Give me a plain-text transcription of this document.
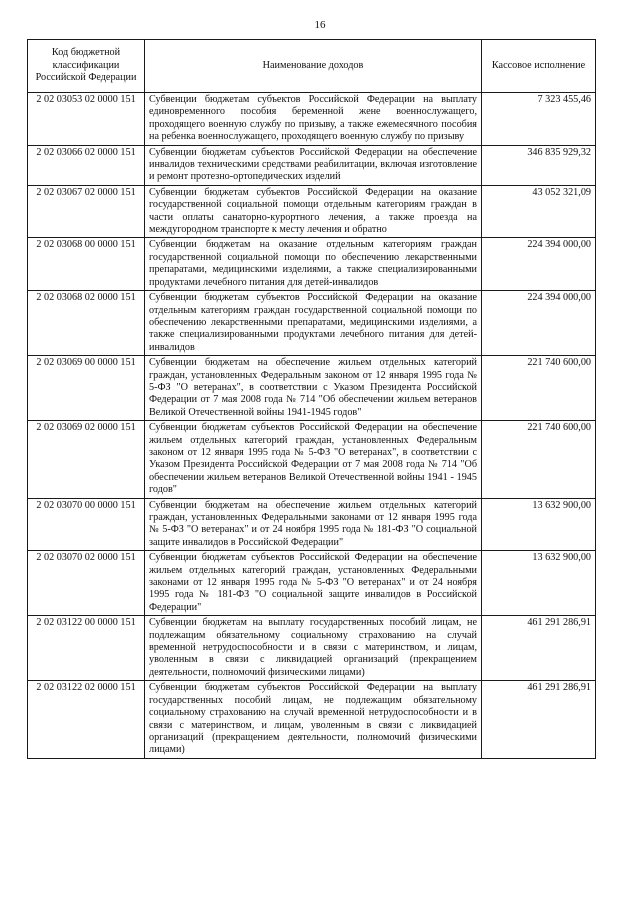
16
Код бюджетной классификации Российской Федерации	Наименование доходов	Кассовое исполнение
2 02 03053 02 0000 151	Субвенции бюджетам субъектов Российской Федерации на выплату единовременного пособия беременной жене военнослужащего, проходящего военную службу по призыву, а также ежемесячного пособия на ребенка военнослужащего, проходящего военную службу по призыву	7 323 455,46
2 02 03066 02 0000 151	Субвенции бюджетам субъектов Российской Федерации на обеспечение инвалидов техническими средствами реабилитации, включая изготовление и ремонт протезно-ортопедических изделий	346 835 929,32
2 02 03067 02 0000 151	Субвенции бюджетам субъектов Российской Федерации на оказание государственной социальной помощи отдельным категориям граждан в части оплаты санаторно-курортного лечения, а также проезда на междугородном транспорте к месту лечения и обратно	43 052 321,09
2 02 03068 00 0000 151	Субвенции бюджетам на оказание отдельным категориям граждан государственной социальной помощи по обеспечению лекарственными препаратами, медицинскими изделиями, а также специализированными продуктами лечебного питания для детей-инвалидов	224 394 000,00
2 02 03068 02 0000 151	Субвенции бюджетам субъектов Российской Федерации на оказание отдельным категориям граждан государственной социальной помощи по обеспечению лекарственными препаратами, медицинскими изделиями, а также специализированными продуктами лечебного питания для детей-инвалидов	224 394 000,00
2 02 03069 00 0000 151	Субвенции бюджетам на обеспечение жильем отдельных категорий граждан, установленных Федеральным законом от 12 января 1995 года № 5-ФЗ "О ветеранах", в соответствии с Указом Президента Российской Федерации от 7 мая 2008 года № 714 "Об обеспечении жильем ветеранов Великой Отечественной войны 1941-1945 годов"	221 740 600,00
2 02 03069 02 0000 151	Субвенции бюджетам субъектов Российской Федерации на обеспечение жильем отдельных категорий граждан, установленных Федеральным законом от 12 января 1995 года № 5-ФЗ "О ветеранах", в соответствии с Указом Президента Российской Федерации от 7 мая 2008 года № 714 "Об обеспечении жильем ветеранов Великой Отечественной войны 1941 - 1945 годов"	221 740 600,00
2 02 03070 00 0000 151	Субвенции бюджетам на обеспечение жильем отдельных категорий граждан, установленных Федеральными законами от 12 января 1995 года № 5-ФЗ "О ветеранах" и от 24 ноября 1995 года № 181-ФЗ "О социальной защите инвалидов в Российской Федерации"	13 632 900,00
2 02 03070 02 0000 151	Субвенции бюджетам субъектов Российской Федерации на обеспечение жильем отдельных категорий граждан, установленных Федеральными законами от 12 января 1995 года № 5-ФЗ "О ветеранах" и от 24 ноября 1995 года № 181-ФЗ "О социальной защите инвалидов в Российской Федерации"	13 632 900,00
2 02 03122 00 0000 151	Субвенции бюджетам на выплату государственных пособий лицам, не подлежащим обязательному социальному страхованию на случай временной нетрудоспособности и в связи с материнством, и лицам, уволенным в связи с ликвидацией организаций (прекращением деятельности, полномочий физическими лицами)	461 291 286,91
2 02 03122 02 0000 151	Субвенции бюджетам субъектов Российской Федерации на выплату государственных пособий лицам, не подлежащим обязательному социальному страхованию на случай временной нетрудоспособности и в связи с материнством, и лицам, уволенным в связи с ликвидацией организаций (прекращением деятельности, полномочий физическими лицами)	461 291 286,91
